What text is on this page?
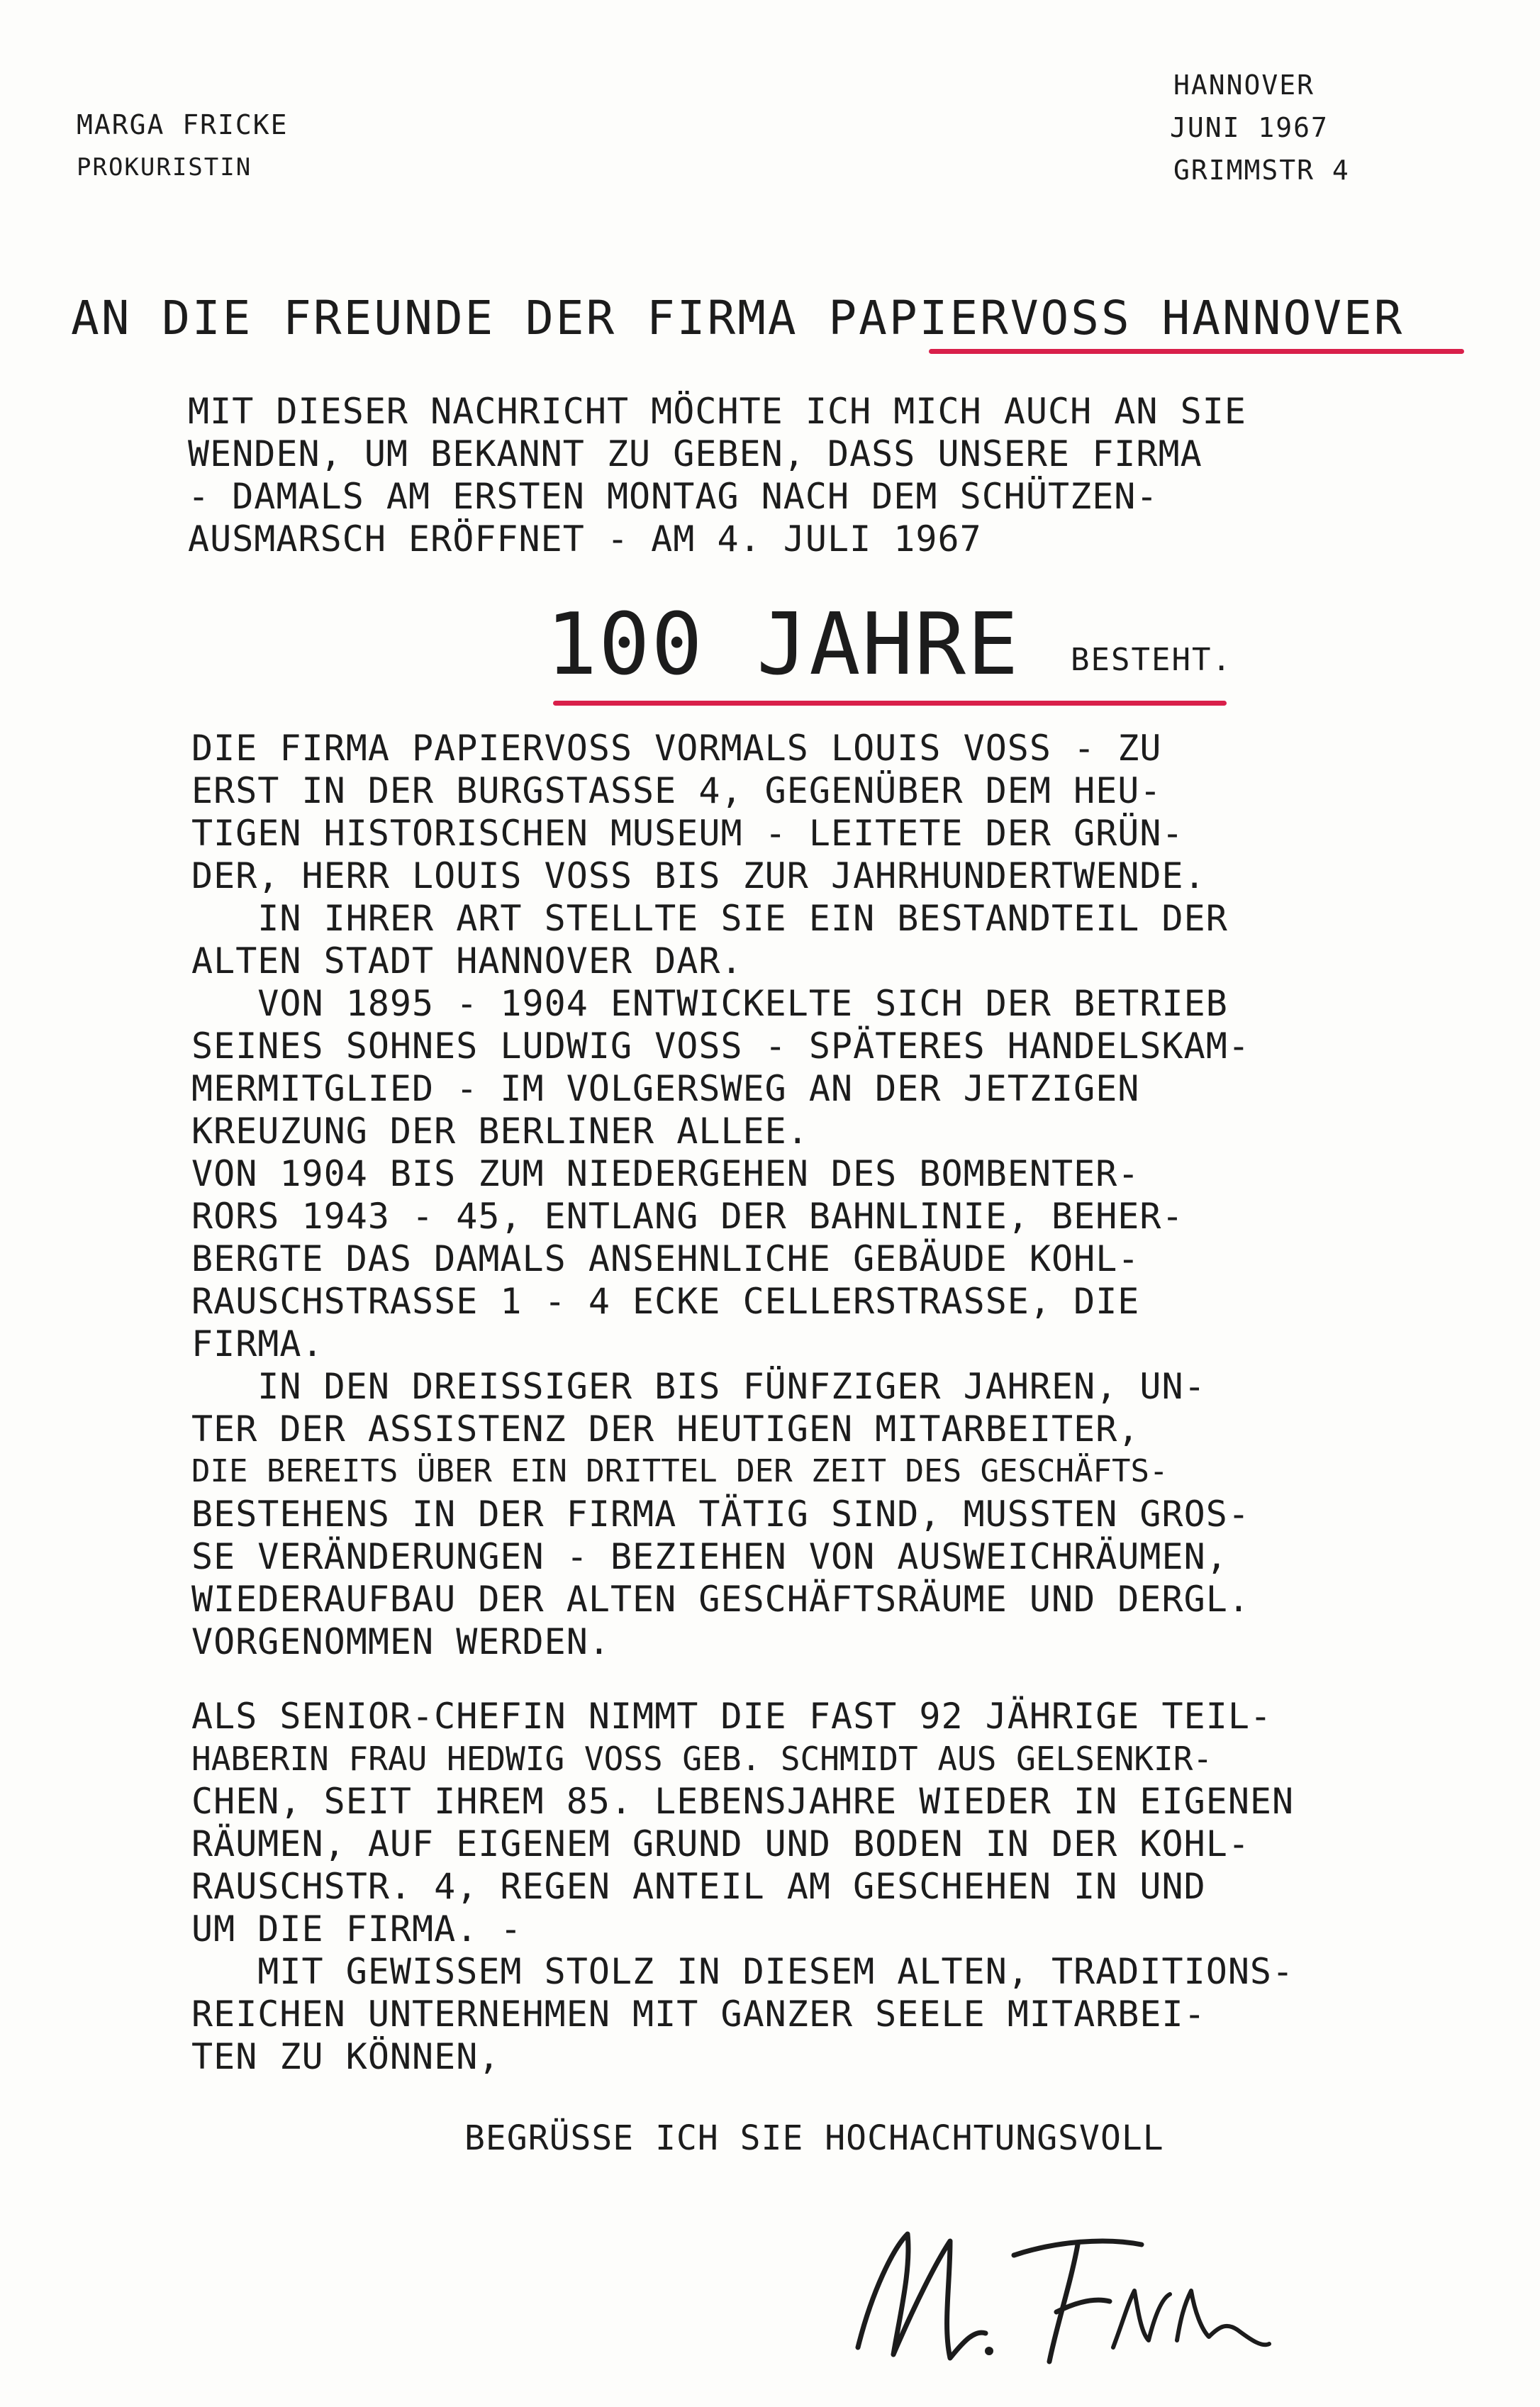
MARGA FRICKE
PROKURISTIN
HANNOVER
JUNI 1967
GRIMMSTR 4
AN DIE FREUNDE DER FIRMA PAPIERVOSS HANNOVER
MIT DIESER NACHRICHT MÖCHTE ICH MICH AUCH AN SIE
WENDEN, UM BEKANNT ZU GEBEN, DASS UNSERE FIRMA
- DAMALS AM ERSTEN MONTAG NACH DEM SCHÜTZEN-
AUSMARSCH ERÖFFNET - AM 4. JULI 1967
100 JAHRE BESTEHT.
DIE FIRMA PAPIERVOSS VORMALS LOUIS VOSS - ZU
ERST IN DER BURGSTASSE 4, GEGENÜBER DEM HEU-
TIGEN HISTORISCHEN MUSEUM - LEITETE DER GRÜN-
DER, HERR LOUIS VOSS BIS ZUR JAHRHUNDERTWENDE.
IN IHRER ART STELLTE SIE EIN BESTANDTEIL DER
ALTEN STADT HANNOVER DAR.
VON 1895 - 1904 ENTWICKELTE SICH DER BETRIEB
SEINES SOHNES LUDWIG VOSS - SPÄTERES HANDELSKAM-
MERMITGLIED - IM VOLGERSWEG AN DER JETZIGEN
KREUZUNG DER BERLINER ALLEE.
VON 1904 BIS ZUM NIEDERGEHEN DES BOMBENTER-
RORS 1943 - 45, ENTLANG DER BAHNLINIE, BEHER-
BERGTE DAS DAMALS ANSEHNLICHE GEBÄUDE KOHL-
RAUSCHSTRASSE 1 - 4 ECKE CELLERSTRASSE, DIE
FIRMA.
IN DEN DREISSIGER BIS FÜNFZIGER JAHREN, UN-
TER DER ASSISTENZ DER HEUTIGEN MITARBEITER,
DIE BEREITS ÜBER EIN DRITTEL DER ZEIT DES GESCHÄFTS-
BESTEHENS IN DER FIRMA TÄTIG SIND, MUSSTEN GROS-
SE VERÄNDERUNGEN - BEZIEHEN VON AUSWEICHRÄUMEN,
WIEDERAUFBAU DER ALTEN GESCHÄFTSRÄUME UND DERGL.
VORGENOMMEN WERDEN.
ALS SENIOR-CHEFIN NIMMT DIE FAST 92 JÄHRIGE TEIL-
HABERIN FRAU HEDWIG VOSS GEB. SCHMIDT AUS GELSENKIR-
CHEN, SEIT IHREM 85. LEBENSJAHRE WIEDER IN EIGENEN
RÄUMEN, AUF EIGENEM GRUND UND BODEN IN DER KOHL-
RAUSCHSTR. 4, REGEN ANTEIL AM GESCHEHEN IN UND
UM DIE FIRMA. -
MIT GEWISSEM STOLZ IN DIESEM ALTEN, TRADITIONS-
REICHEN UNTERNEHMEN MIT GANZER SEELE MITARBEI-
TEN ZU KÖNNEN,
BEGRÜSSE ICH SIE HOCHACHTUNGSVOLL
